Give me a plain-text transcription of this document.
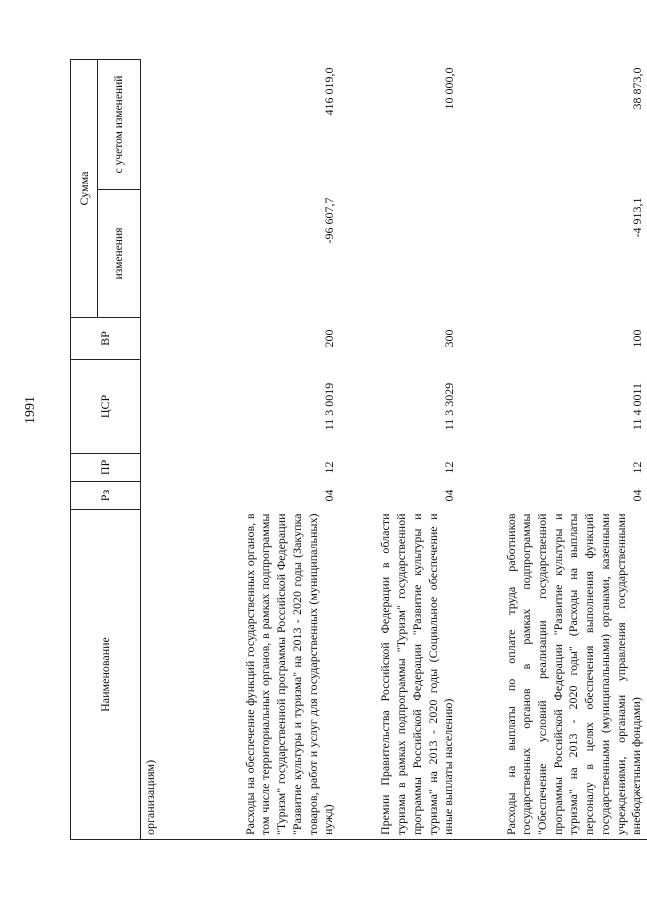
1991
Наименование	Рз	ПР	ЦСР	ВР	Сумма	
					изменения	с учетом изменений
организациям)						
Расходы на обеспечение функций государственных органов, в том числе территориальных органов, в рамках подпрограммы "Туризм" государственной программы Российской Федерации "Развитие культуры и туризма" на 2013 - 2020 годы (Закупка товаров, работ и услуг для государственных (муниципальных) нужд)	04	12	11 3 0019	200	-96 607,7	416 019,0
Премии Правительства Российской Федерации в области туризма в рамках подпрограммы "Туризм" государственной программы Российской Федерации "Развитие культуры и туризма" на 2013 - 2020 годы (Социальное обеспечение и иные выплаты населению)	04	12	11 3 3029	300		10 000,0
Расходы на выплаты по оплате труда работников государственных органов в рамках подпрограммы "Обеспечение условий реализации государственной программы Российской Федерации "Развитие культуры и туризма" на 2013 - 2020 годы" (Расходы на выплаты персоналу в целях обеспечения выполнения функций государственными (муниципальными) органами, казенными учреждениями, органами управления государственными внебюджетными фондами)	04	12	11 4 0011	100	-4 913,1	38 873,0
